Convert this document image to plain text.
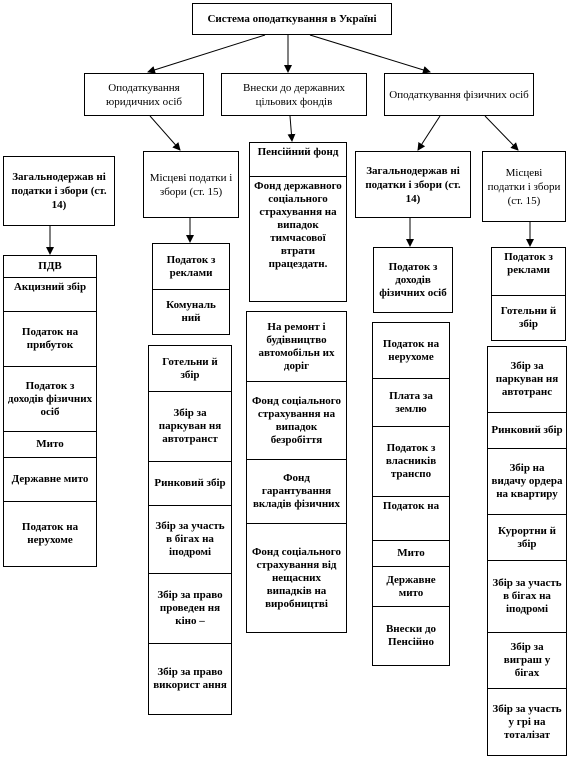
Система оподаткування в Україні
Оподаткування юридичних осіб
Внески до державних цільових фондів
Оподаткування фізичних осіб
Загальнодержав ні податки і збори (ст. 14)
Місцеві податки і збори (ст. 15)
Загальнодержав ні податки і збори (ст. 14)
Місцеві податки і збори (ст. 15)
ПДВ
Акцизний збір
Податок на прибуток
Податок з доходів фізичних осіб
Мито
Державне мито
Податок на нерухоме
Податок з реклами
Комуналь ний
Готельни й збір
Збір за паркуван ня автотранст
Ринковий збір
Збір за участь в бігах на іподромі
Збір за право проведен ня кіно –
Збір за право використ ання
Пенсійний фонд
Фонд державного соціального страхування на випадок тимчасової втрати працездатн.
На ремонт і будівництво автомобільн их доріг
Фонд соціального страхування на випадок безробіття
Фонд гарантування вкладів фізичних
Фонд соціального страхування від нещасних випадків на виробництві
Податок з доходів фізичних осіб
Податок на нерухоме
Плата за землю
Податок з власників транспо
Податок на
Мито
Державне мито
Внески до Пенсійно
Податок з реклами
Готельни й збір
Збір за паркуван ня автотранс
Ринковий збір
Збір на видачу ордера на квартиру
Курортни й збір
Збір за участь в бігах на іподромі
Збір за виграш у бігах
Збір за участь у грі на тоталізат
